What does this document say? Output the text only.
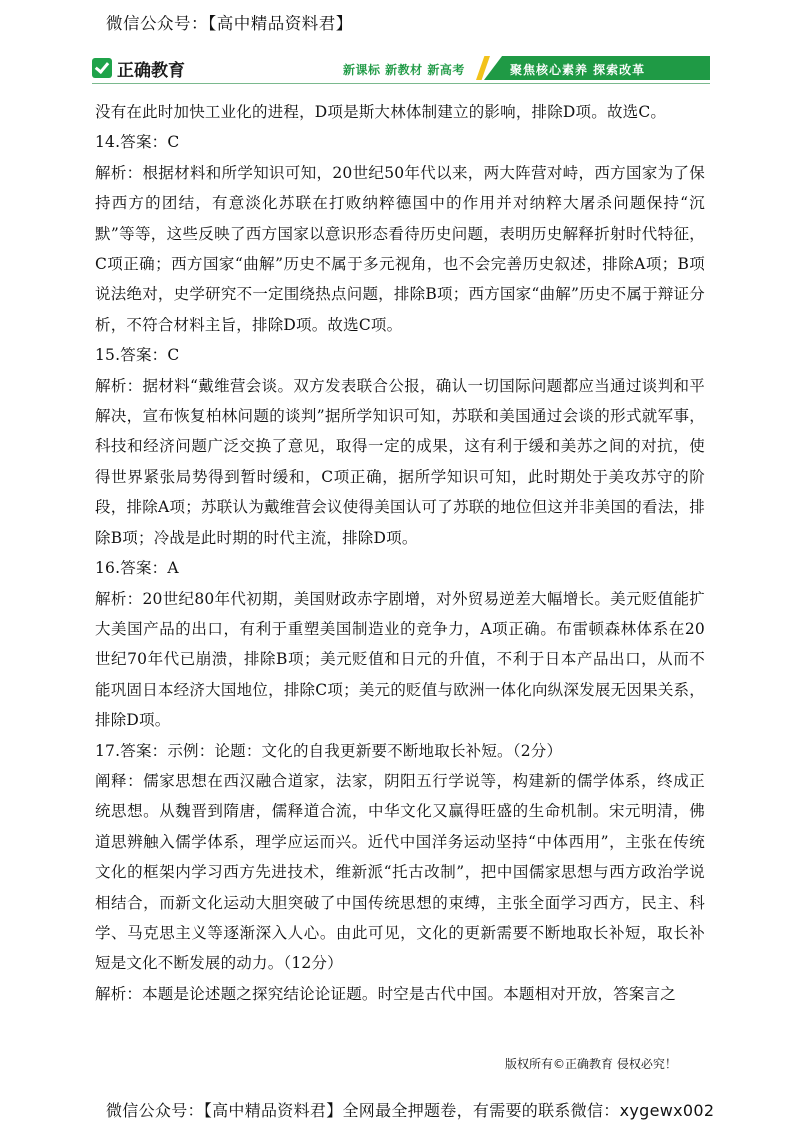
微信公众号：【高中精品资料君】
正确教育	新课标 新教材 新高考	聚焦核心素养 探索改革

没有在此时加快工业化的进程，D项是斯大林体制建立的影响，排除D项。故选C。

14.答案：C

解析：根据材料和所学知识可知，20世纪50年代以来，两大阵营对峙，西方国家为了保持西方的团结，有意淡化苏联在打败纳粹德国中的作用并对纳粹大屠杀问题保持“沉默”等等，这些反映了西方国家以意识形态看待历史问题，表明历史解释折射时代特征，C项正确；西方国家“曲解”历史不属于多元视角，也不会完善历史叙述，排除A项；B项说法绝对，史学研究不一定围绕热点问题，排除B项；西方国家“曲解”历史不属于辩证分析，不符合材料主旨，排除D项。故选C项。

15.答案：C

解析：据材料“戴维营会谈。双方发表联合公报，确认一切国际问题都应当通过谈判和平解决，宣布恢复柏林问题的谈判”据所学知识可知，苏联和美国通过会谈的形式就军事，科技和经济问题广泛交换了意见，取得一定的成果，这有利于缓和美苏之间的对抗，使得世界紧张局势得到暂时缓和，C项正确，据所学知识可知，此时期处于美攻苏守的阶段，排除A项；苏联认为戴维营会议使得美国认可了苏联的地位但这并非美国的看法，排除B项；冷战是此时期的时代主流，排除D项。

16.答案：A

解析：20世纪80年代初期，美国财政赤字剧增，对外贸易逆差大幅增长。美元贬值能扩大美国产品的出口，有利于重塑美国制造业的竞争力，A项正确。布雷顿森林体系在20世纪70年代已崩溃，排除B项；美元贬值和日元的升值，不利于日本产品出口，从而不能巩固日本经济大国地位，排除C项；美元的贬值与欧洲一体化向纵深发展无因果关系，排除D项。

17.答案：示例：论题：文化的自我更新要不断地取长补短。（2分）

阐释：儒家思想在西汉融合道家，法家，阴阳五行学说等，构建新的儒学体系，终成正统思想。从魏晋到隋唐，儒释道合流，中华文化又赢得旺盛的生命机制。宋元明清，佛道思辨触入儒学体系，理学应运而兴。近代中国洋务运动坚持“中体西用”，主张在传统文化的框架内学习西方先进技术，维新派“托古改制”，把中国儒家思想与西方政治学说相结合，而新文化运动大胆突破了中国传统思想的束缚，主张全面学习西方，民主、科学、马克思主义等逐渐深入人心。由此可见，文化的更新需要不断地取长补短，取长补短是文化不断发展的动力。（12分）

解析：本题是论述题之探究结论论证题。时空是古代中国。本题相对开放，答案言之

版权所有©正确教育 侵权必究！
微信公众号：【高中精品资料君】全网最全押题卷，有需要的联系微信：xygewx002
